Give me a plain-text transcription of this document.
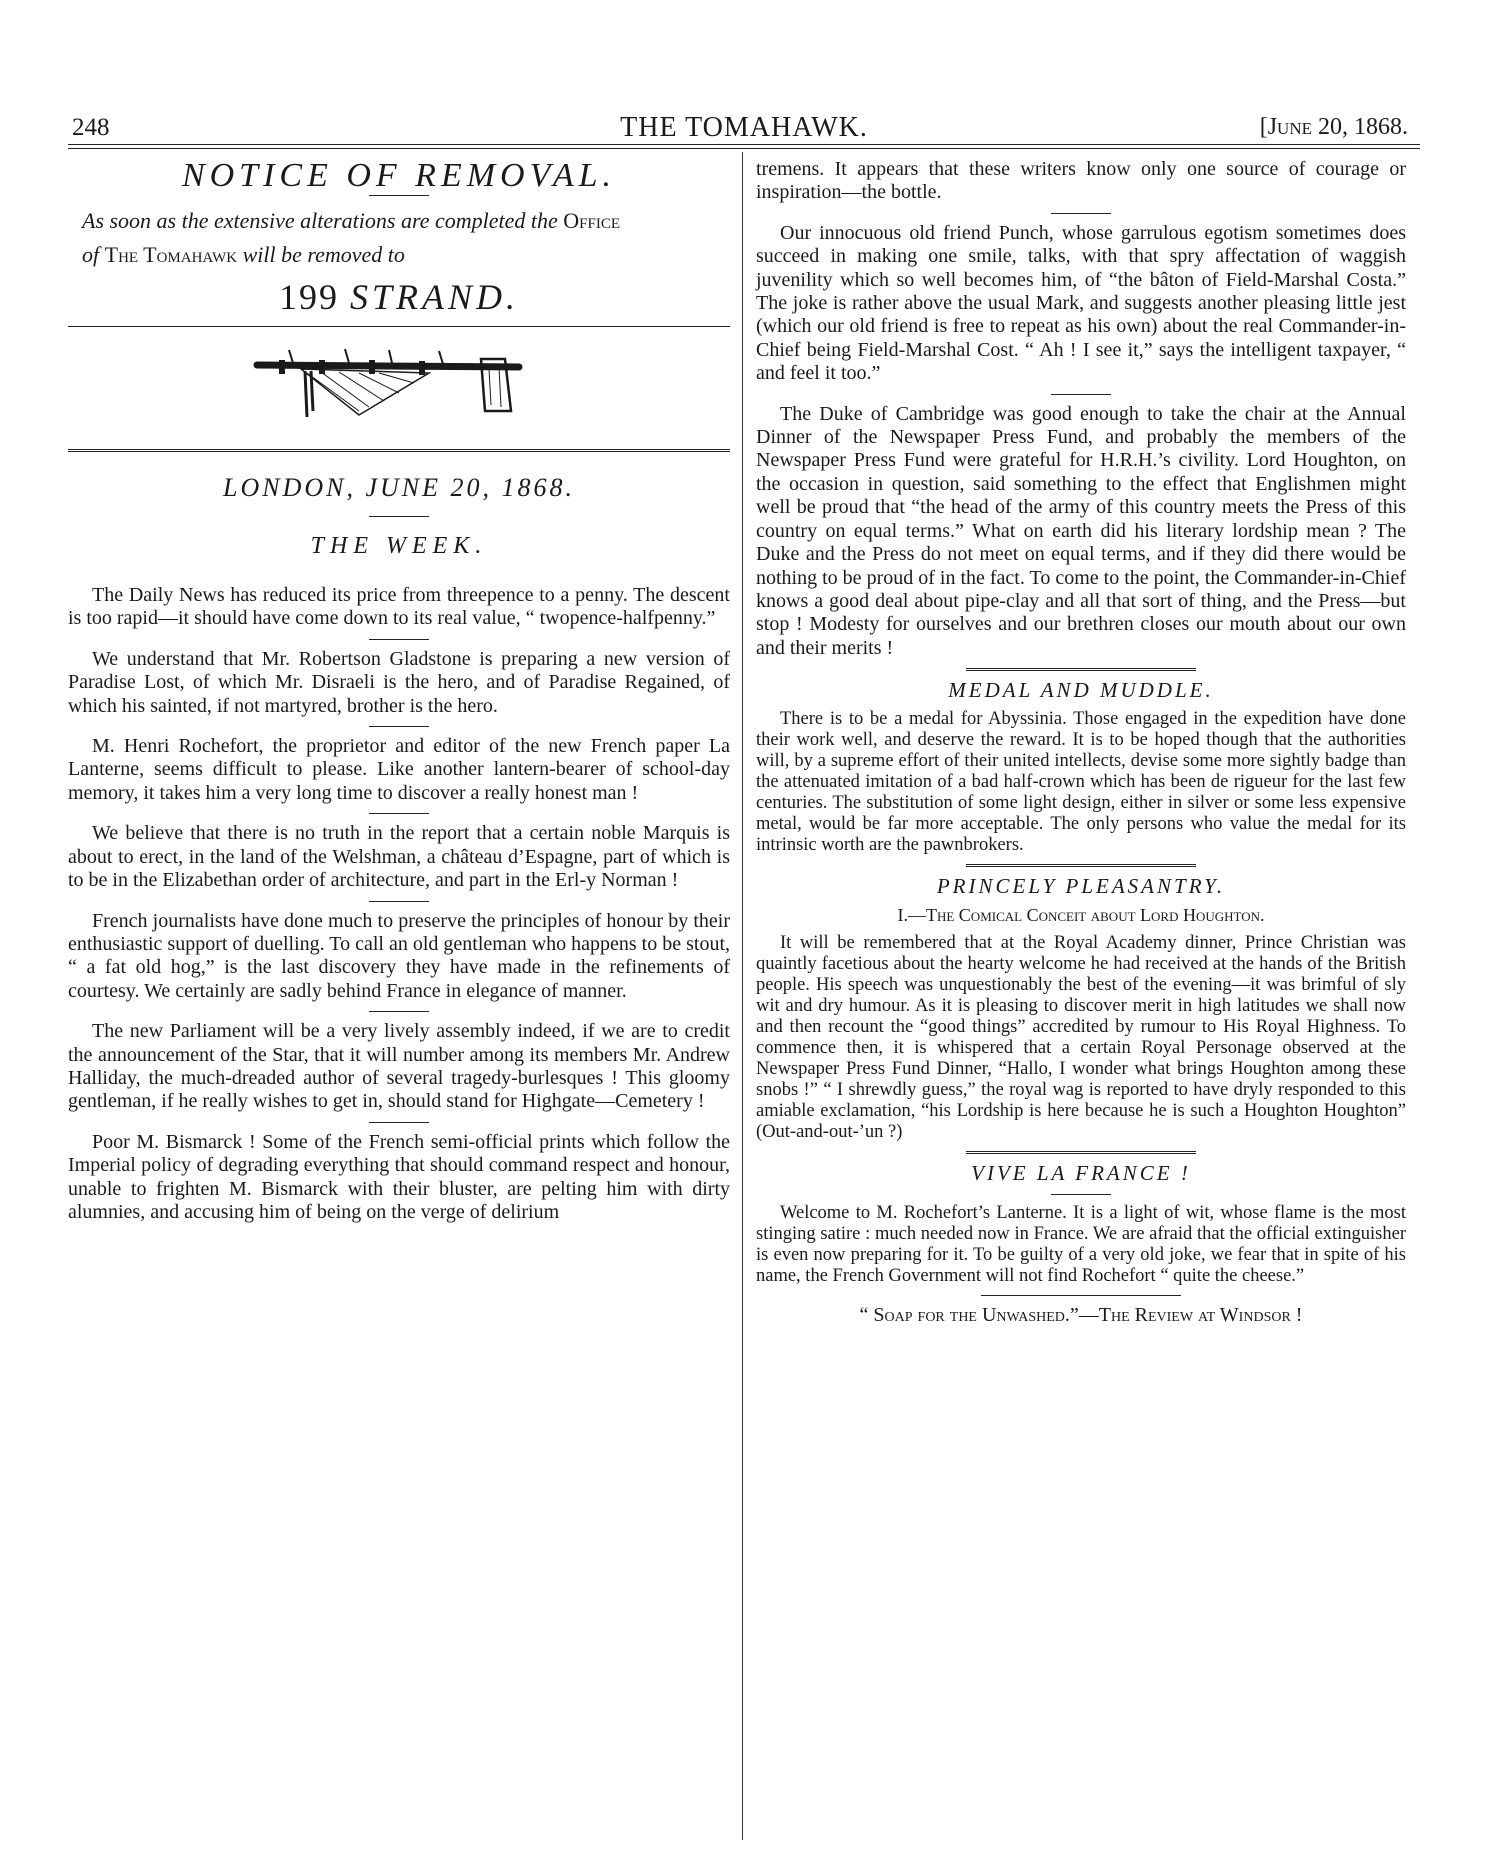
248	THE TOMAHAWK.	[June 20, 1868.
NOTICE OF REMOVAL.
As soon as the extensive alterations are completed the Office
of The Tomahawk will be removed to
199 STRAND.
LONDON, JUNE 20, 1868.
THE WEEK.

The Daily News has reduced its price from threepence to a penny. The descent is too rapid—it should have come down to its real value, “ twopence-halfpenny.”

We understand that Mr. Robertson Gladstone is preparing a new version of Paradise Lost, of which Mr. Disraeli is the hero, and of Paradise Regained, of which his sainted, if not martyred, brother is the hero.

M. Henri Rochefort, the proprietor and editor of the new French paper La Lanterne, seems difficult to please. Like another lantern-bearer of school-day memory, it takes him a very long time to discover a really honest man !

We believe that there is no truth in the report that a certain noble Marquis is about to erect, in the land of the Welshman, a château d’Espagne, part of which is to be in the Elizabethan order of architecture, and part in the Erl-y Norman !

French journalists have done much to preserve the principles of honour by their enthusiastic support of duelling. To call an old gentleman who happens to be stout, “ a fat old hog,” is the last discovery they have made in the refinements of courtesy. We certainly are sadly behind France in elegance of manner.

The new Parliament will be a very lively assembly indeed, if we are to credit the announcement of the Star, that it will number among its members Mr. Andrew Halliday, the much-dreaded author of several tragedy-burlesques ! This gloomy gentleman, if he really wishes to get in, should stand for Highgate—Cemetery !

Poor M. Bismarck ! Some of the French semi-official prints which follow the Imperial policy of degrading everything that should command respect and honour, unable to frighten M. Bismarck with their bluster, are pelting him with dirty alumnies, and accusing him of being on the verge of delirium

tremens. It appears that these writers know only one source of courage or inspiration—the bottle.

Our innocuous old friend Punch, whose garrulous egotism sometimes does succeed in making one smile, talks, with that spry affectation of waggish juvenility which so well becomes him, of “the bâton of Field-Marshal Costa.” The joke is rather above the usual Mark, and suggests another pleasing little jest (which our old friend is free to repeat as his own) about the real Commander-in-Chief being Field-Marshal Cost. “ Ah ! I see it,” says the intelligent taxpayer, “ and feel it too.”

The Duke of Cambridge was good enough to take the chair at the Annual Dinner of the Newspaper Press Fund, and probably the members of the Newspaper Press Fund were grateful for H.R.H.’s civility. Lord Houghton, on the occasion in question, said something to the effect that Englishmen might well be proud that “the head of the army of this country meets the Press of this country on equal terms.” What on earth did his literary lordship mean ? The Duke and the Press do not meet on equal terms, and if they did there would be nothing to be proud of in the fact. To come to the point, the Commander-in-Chief knows a good deal about pipe-clay and all that sort of thing, and the Press—but stop ! Modesty for ourselves and our brethren closes our mouth about our own and their merits !

MEDAL AND MUDDLE.

There is to be a medal for Abyssinia. Those engaged in the expedition have done their work well, and deserve the reward. It is to be hoped though that the authorities will, by a supreme effort of their united intellects, devise some more sightly badge than the attenuated imitation of a bad half-crown which has been de rigueur for the last few centuries. The substitution of some light design, either in silver or some less expensive metal, would be far more acceptable. The only persons who value the medal for its intrinsic worth are the pawnbrokers.

PRINCELY PLEASANTRY.
I.—The Comical Conceit about Lord Houghton.

It will be remembered that at the Royal Academy dinner, Prince Christian was quaintly facetious about the hearty welcome he had received at the hands of the British people. His speech was unquestionably the best of the evening—it was brimful of sly wit and dry humour. As it is pleasing to discover merit in high latitudes we shall now and then recount the “good things” accredited by rumour to His Royal Highness. To commence then, it is whispered that a certain Royal Personage observed at the Newspaper Press Fund Dinner, “Hallo, I wonder what brings Houghton among these snobs !” “ I shrewdly guess,” the royal wag is reported to have dryly responded to this amiable exclamation, “his Lordship is here because he is such a Houghton Houghton” (Out-and-out-’un ?)

VIVE LA FRANCE !

Welcome to M. Rochefort’s Lanterne. It is a light of wit, whose flame is the most stinging satire : much needed now in France. We are afraid that the official extinguisher is even now preparing for it. To be guilty of a very old joke, we fear that in spite of his name, the French Government will not find Rochefort “ quite the cheese.”

“ Soap for the Unwashed.”—The Review at Windsor !
